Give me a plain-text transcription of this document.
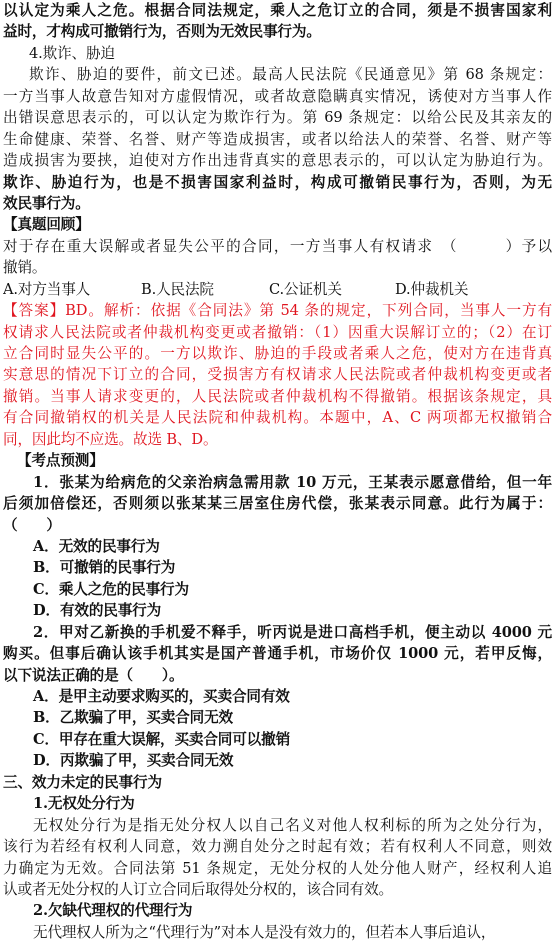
以认定为乘人之危。根据合同法规定，乘人之危订立的合同，须是不损害国家利
益时，才构成可撤销行为，否则为无效民事行为。
4.欺诈、胁迫
欺诈、胁迫的要件，前文已述。最高人民法院《民通意见》第 68 条规定：
一方当事人故意告知对方虚假情况，或者故意隐瞒真实情况，诱使对方当事人作
出错误意思表示的，可以认定为欺诈行为。第 69 条规定：以给公民及其亲友的
生命健康、荣誉、名誉、财产等造成损害，或者以给法人的荣誉、名誉、财产等
造成损害为要挟，迫使对方作出违背真实的意思表示的，可以认定为胁迫行为。
欺诈、胁迫行为，也是不损害国家利益时，构成可撤销民事行为，否则，为无
效民事行为。
【真题回顾】
对于存在重大误解或者显失公平的合同，一方当事人有权请求　（　　　）予以
撤销。
A.对方当事人	B.人民法院	C.公证机关	D.仲裁机关
【答案】BD。解析：依据《合同法》第 54 条的规定，下列合同，当事人一方有
权请求人民法院或者仲裁机构变更或者撤销：（1）因重大误解订立的；（2）在订
立合同时显失公平的。一方以欺诈、胁迫的手段或者乘人之危，使对方在违背真
实意思的情况下订立的合同，受损害方有权请求人民法院或者仲裁机构变更或者
撤销。当事人请求变更的，人民法院或者仲裁机构不得撤销。根据该条规定，具
有合同撤销权的机关是人民法院和仲裁机构。本题中，A、C 两项都无权撤销合
同，因此均不应选。故选 B、D。
【考点预测】
1．张某为给病危的父亲治病急需用款 10 万元，王某表示愿意借给，但一年
后须加倍偿还，否则须以张某某三居室住房代偿，张某表示同意。此行为属于：
（　　）
A．无效的民事行为
B．可撤销的民事行为
C．乘人之危的民事行为
D．有效的民事行为
2．甲对乙新换的手机爱不释手，听丙说是进口高档手机，便主动以 4000 元
购买。但事后确认该手机其实是国产普通手机，市场价仅 1000 元，若甲反悔，
以下说法正确的是（　　）。
A．是甲主动要求购买的，买卖合同有效
B．乙欺骗了甲，买卖合同无效
C．甲存在重大误解，买卖合同可以撤销
D．丙欺骗了甲，买卖合同无效
三、效力未定的民事行为
1.无权处分行为
无权处分行为是指无处分权人以自己名义对他人权利标的所为之处分行为，
该行为若经有权利人同意，效力溯自处分之时起有效；若有权利人不同意，则效
力确定为无效。合同法第 51 条规定，无处分权的人处分他人财产，经权利人追
认或者无处分权的人订立合同后取得处分权的，该合同有效。
2.欠缺代理权的代理行为
无代理权人所为之“代理行为”对本人是没有效力的，但若本人事后追认，
